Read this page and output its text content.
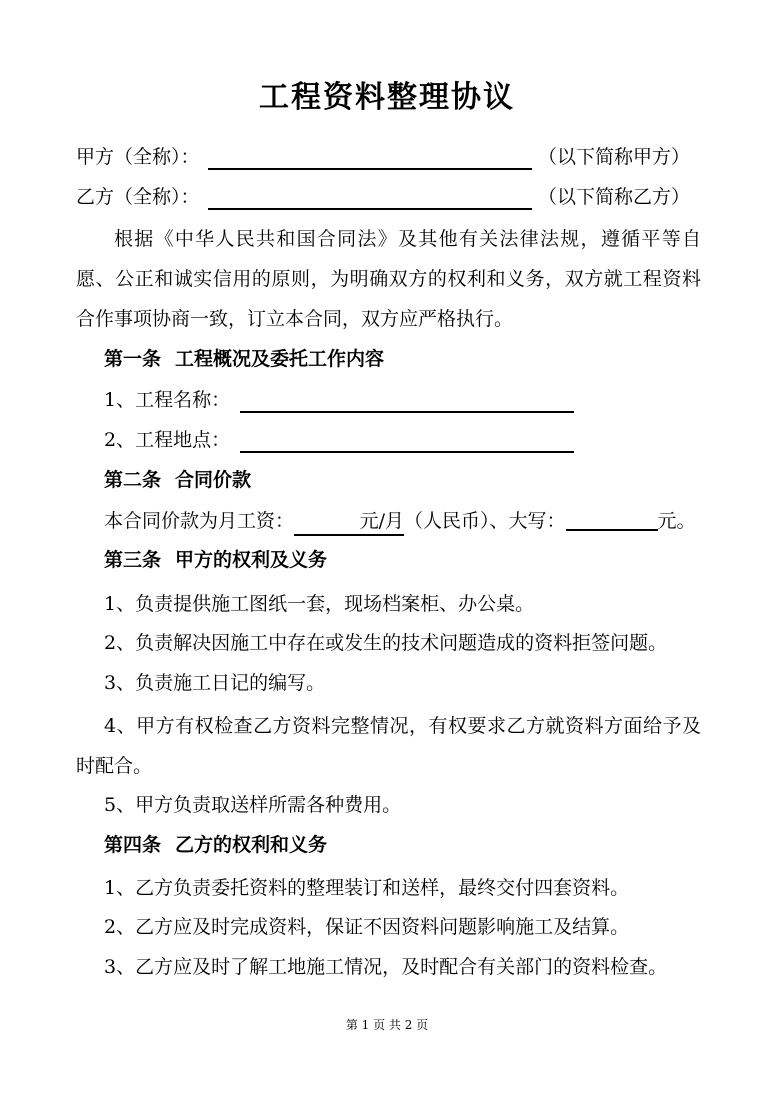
工程资料整理协议
甲方（全称）：	（以下简称甲方）
乙方（全称）：	（以下简称乙方）
根据《中华人民共和国合同法》及其他有关法律法规，遵循平等自愿、公正和诚实信用的原则，为明确双方的权利和义务，双方就工程资料合作事项协商一致，订立本合同，双方应严格执行。
第一条 工程概况及委托工作内容
1、工程名称：
2、工程地点：
第二条 合同价款
本合同价款为月工资：	元/月（人民币）、大写：	元。
第三条 甲方的权利及义务
1、负责提供施工图纸一套，现场档案柜、办公桌。
2、负责解决因施工中存在或发生的技术问题造成的资料拒签问题。
3、负责施工日记的编写。
4、甲方有权检查乙方资料完整情况，有权要求乙方就资料方面给予及时配合。
5、甲方负责取送样所需各种费用。
第四条 乙方的权利和义务
1、乙方负责委托资料的整理装订和送样，最终交付四套资料。
2、乙方应及时完成资料，保证不因资料问题影响施工及结算。
3、乙方应及时了解工地施工情况，及时配合有关部门的资料检查。
第 1 页 共 2 页
